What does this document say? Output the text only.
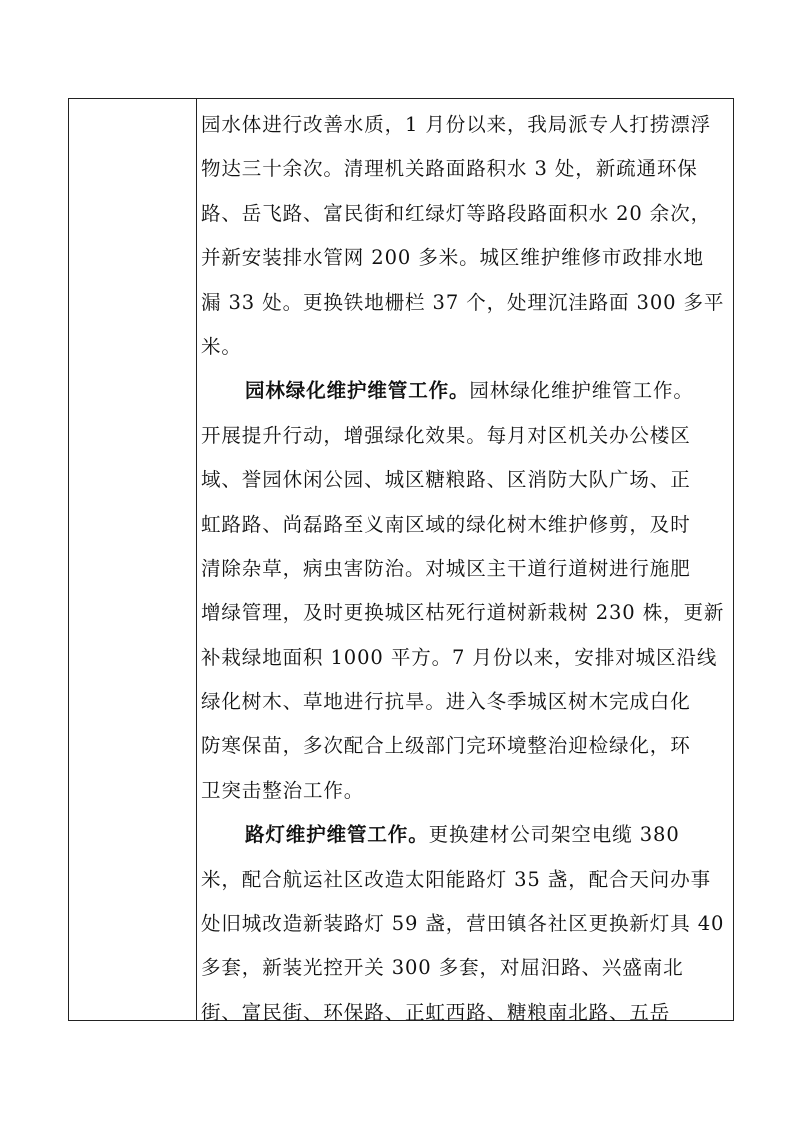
园水体进行改善水质，1 月份以来，我局派专人打捞漂浮
物达三十余次。清理机关路面路积水 3 处，新疏通环保
路、岳飞路、富民街和红绿灯等路段路面积水 20 余次，
并新安装排水管网 200 多米。城区维护维修市政排水地
漏 33 处。更换铁地栅栏 37 个，处理沉洼路面 300 多平
米。
园林绿化维护维管工作。园林绿化维护维管工作。
开展提升行动，增强绿化效果。每月对区机关办公楼区
域、誉园休闲公园、城区糖粮路、区消防大队广场、正
虹路路、尚磊路至义南区域的绿化树木维护修剪，及时
清除杂草，病虫害防治。对城区主干道行道树进行施肥
增绿管理，及时更换城区枯死行道树新栽树 230 株，更新
补栽绿地面积 1000 平方。7 月份以来，安排对城区沿线
绿化树木、草地进行抗旱。进入冬季城区树木完成白化
防寒保苗，多次配合上级部门完环境整治迎检绿化，环
卫突击整治工作。
路灯维护维管工作。更换建材公司架空电缆 380
米，配合航运社区改造太阳能路灯 35 盏，配合天问办事
处旧城改造新装路灯 59 盏，营田镇各社区更换新灯具 40
多套，新装光控开关 300 多套，对屈汨路、兴盛南北
街、富民街、环保路、正虹西路、糖粮南北路、五岳
